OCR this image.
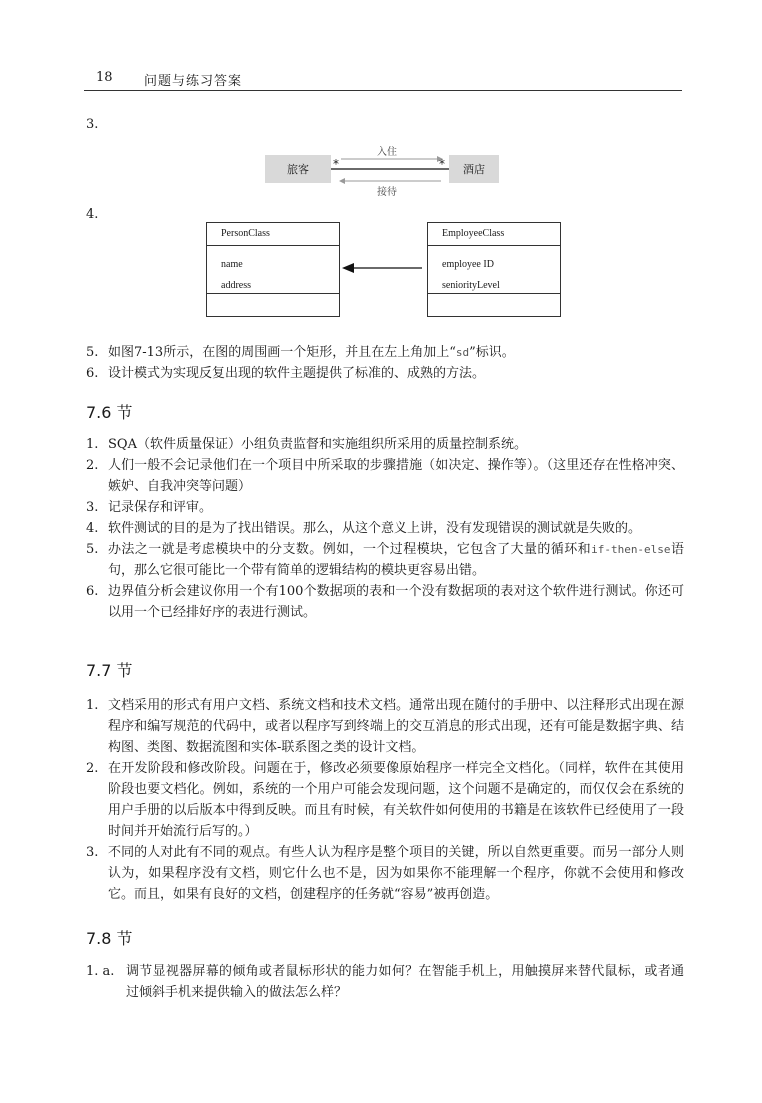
18 问题与练习答案
3.
旅客	酒店
*	*
入住
接待
4.
PersonClass
name
address
EmployeeClass
employee ID
seniorityLevel
5. 如图7-13所示，在图的周围画一个矩形，并且在左上角加上“sd”标识。

6. 设计模式为实现反复出现的软件主题提供了标准的、成熟的方法。

7.6 节
1. SQA（软件质量保证）小组负责监督和实施组织所采用的质量控制系统。

2. 人们一般不会记录他们在一个项目中所采取的步骤措施（如决定、操作等）。（这里还存在性格冲突、嫉妒、自我冲突等问题）

3. 记录保存和评审。

4. 软件测试的目的是为了找出错误。那么，从这个意义上讲，没有发现错误的测试就是失败的。

5. 办法之一就是考虑模块中的分支数。例如，一个过程模块，它包含了大量的循环和if-then-else语句，那么它很可能比一个带有简单的逻辑结构的模块更容易出错。

6. 边界值分析会建议你用一个有100个数据项的表和一个没有数据项的表对这个软件进行测试。你还可以用一个已经排好序的表进行测试。

7.7 节
1. 文档采用的形式有用户文档、系统文档和技术文档。通常出现在随付的手册中、以注释形式出现在源程序和编写规范的代码中，或者以程序写到终端上的交互消息的形式出现，还有可能是数据字典、结构图、类图、数据流图和实体-联系图之类的设计文档。

2. 在开发阶段和修改阶段。问题在于，修改必须要像原始程序一样完全文档化。（同样，软件在其使用阶段也要文档化。例如，系统的一个用户可能会发现问题，这个问题不是确定的，而仅仅会在系统的用户手册的以后版本中得到反映。而且有时候，有关软件如何使用的书籍是在该软件已经使用了一段时间并开始流行后写的。）

3. 不同的人对此有不同的观点。有些人认为程序是整个项目的关键，所以自然更重要。而另一部分人则认为，如果程序没有文档，则它什么也不是，因为如果你不能理解一个程序，你就不会使用和修改它。而且，如果有良好的文档，创建程序的任务就“容易”被再创造。

7.8 节
1. a. 调节显视器屏幕的倾角或者鼠标形状的能力如何？在智能手机上，用触摸屏来替代鼠标，或者通过倾斜手机来提供输入的做法怎么样？
